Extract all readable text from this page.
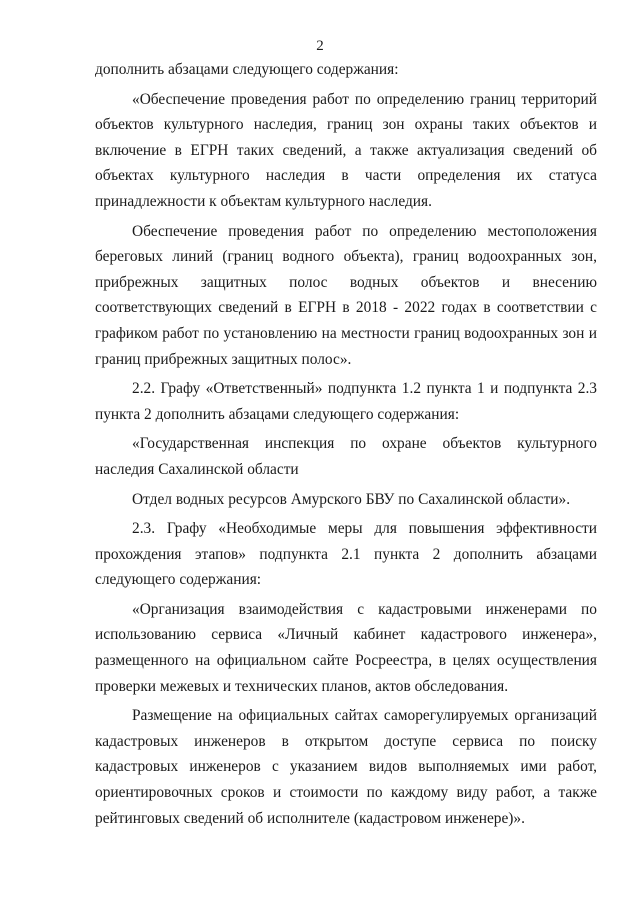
2

дополнить абзацами следующего содержания:

«Обеспечение проведения работ по определению границ территорий объектов культурного наследия, границ зон охраны таких объектов и включение в ЕГРН таких сведений, а также актуализация сведений об объектах культурного наследия в части определения их статуса принадлежности к объектам культурного наследия.

Обеспечение проведения работ по определению местоположения береговых линий (границ водного объекта), границ водоохранных зон, прибрежных защитных полос водных объектов и внесению соответствующих сведений в ЕГРН в 2018 - 2022 годах в соответствии с графиком работ по установлению на местности границ водоохранных зон и границ прибрежных защитных полос».

2.2. Графу «Ответственный» подпункта 1.2 пункта 1 и подпункта 2.3 пункта 2 дополнить абзацами следующего содержания:

«Государственная инспекция по охране объектов культурного наследия Сахалинской области

Отдел водных ресурсов Амурского БВУ по Сахалинской области».

2.3. Графу «Необходимые меры для повышения эффективности прохождения этапов» подпункта 2.1 пункта 2 дополнить абзацами следующего содержания:

«Организация взаимодействия с кадастровыми инженерами по использованию сервиса «Личный кабинет кадастрового инженера», размещенного на официальном сайте Росреестра, в целях осуществления проверки межевых и технических планов, актов обследования.

Размещение на официальных сайтах саморегулируемых организаций кадастровых инженеров в открытом доступе сервиса по поиску кадастровых инженеров с указанием видов выполняемых ими работ, ориентировочных сроков и стоимости по каждому виду работ, а также рейтинговых сведений об исполнителе (кадастровом инженере)».
